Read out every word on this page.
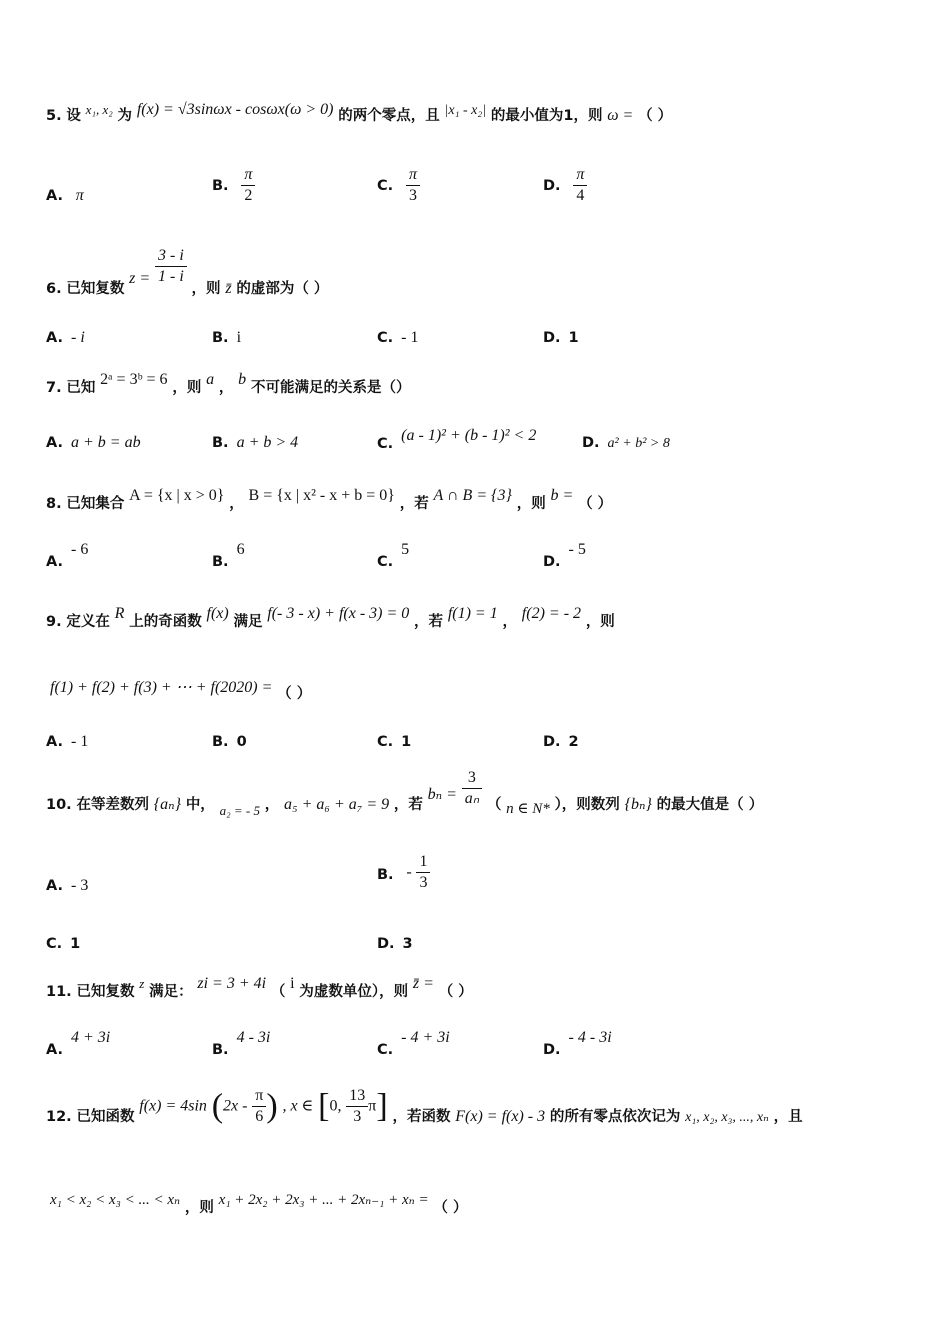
5. 设 x₁, x₂ 为 f(x) = √3sinωx - cosωx(ω > 0) 的两个零点，且 |x₁ - x₂| 的最小值为1，则 ω = （ ）
A. π
B. $\frac{\pi}{2}$	C. $\frac{\pi}{3}$	D. $\frac{\pi}{4}$
6. 已知复数 $z = \frac{3 - i}{1 - i}$
，则 z̄ 的虚部为（ ）
A. - i	B. i	C. - 1	D. 1
7. 已知 2ᵃ = 3ᵇ = 6 ，则 a ， b 不可能满足的关系是（）
A. a + b = ab	B. a + b > 4	C. (a - 1)² + (b - 1)² < 2	D. a² + b² > 8
8. 已知集合 A = {x | x > 0} ， B = {x | x² - x + b = 0} ，若 A ∩ B = {3} ，则 b = （ ）
A.- 6
B.6
C.5
D.- 5
9. 定义在 R 上的奇函数 f(x) 满足 f(- 3 - x) + f(x - 3) = 0 ，若 f(1) = 1 ， f(2) = - 2 ，则
f(1) + f(2) + f(3) + ⋯ + f(2020) = （ ）
A. - 1	B. 0	C. 1	D. 2
10. 在等差数列 {aₙ} 中， a₂ = - 5 ， a₅ + a₆ + a₇ = 9 ，若 $b_n = \frac{3}{\text{aₙ}}$ （ n ∈ N* ），则数列 {bₙ} 的最大值是（ ）
A. - 3
B. - $\frac{1}{3}$
C. 1	D. 3
11. 已知复数 z 满足： zi = 3 + 4i （ i 为虚数单位），则 z̄ = （ ）
A.4 + 3i
B.4 - 3i
C.- 4 + 3i
D.- 4 - 3i
12. 已知函数 f(x) = 4sin ($2x - \frac{\pi}{6}$ ) , x ∈ [0, $\frac{13}{3} \pi$] ，若函数 F(x) = f(x) - 3 的所有零点依次记为 x₁, x₂, x₃, ..., xₙ ，且
x₁ < x₂ < x₃ < ... < xₙ ，则 x₁ + 2x₂ + 2x₃ + ... + 2xₙ₋₁ + xₙ = （ ）
